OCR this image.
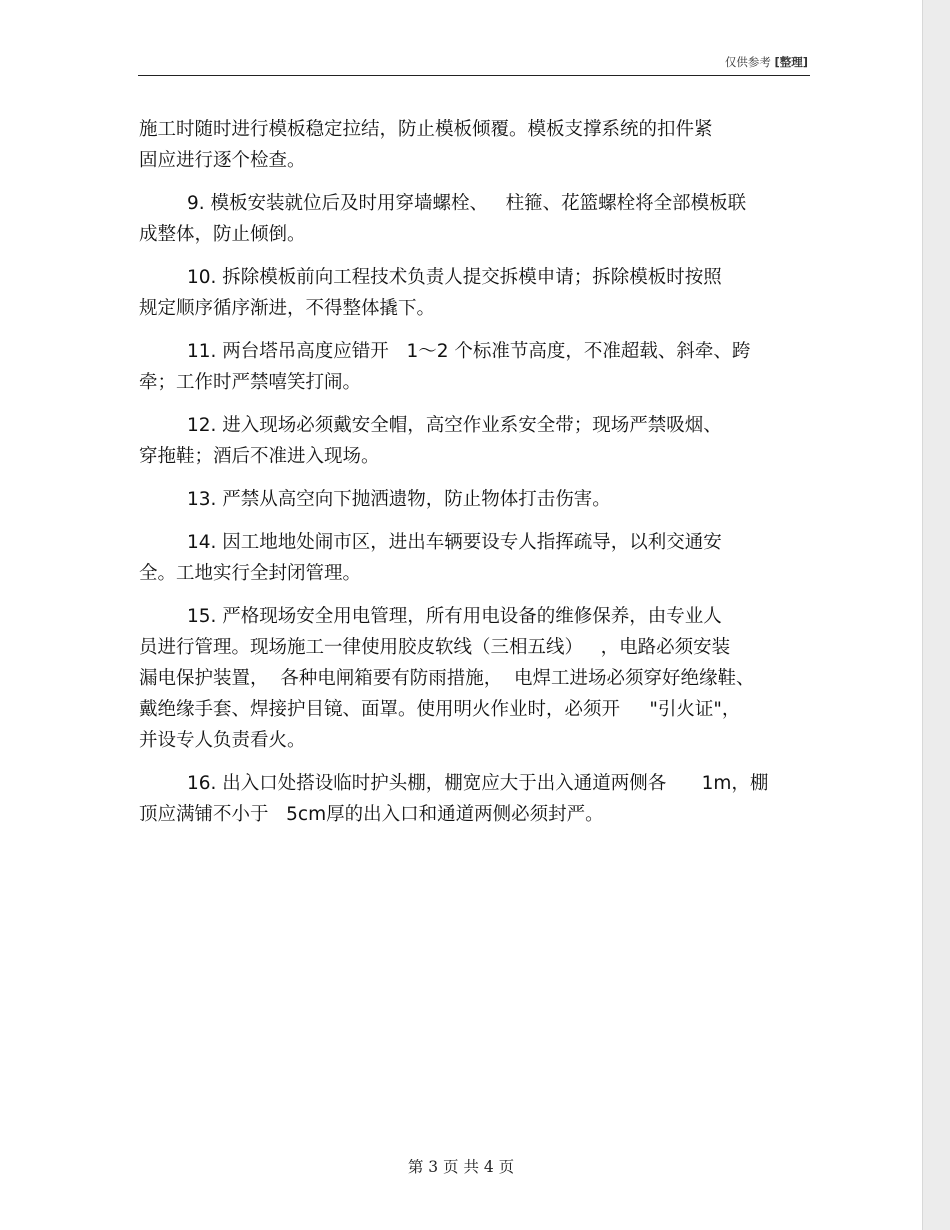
仅供参考 [整理]
施工时随时进行模板稳定拉结，防止模板倾覆。模板支撑系统的扣件紧
固应进行逐个检查。
9. 模板安装就位后及时用穿墙螺栓、   柱箍、花篮螺栓将全部模板联
成整体，防止倾倒。
10. 拆除模板前向工程技术负责人提交拆模申请；拆除模板时按照
规定顺序循序渐进，不得整体撬下。
11. 两台塔吊高度应错开   1～2 个标准节高度，不准超载、斜牵、跨
牵；工作时严禁嘻笑打闹。
12. 进入现场必须戴安全帽，高空作业系安全带；现场严禁吸烟、
穿拖鞋；酒后不准进入现场。
13. 严禁从高空向下抛洒遗物，防止物体打击伤害。
14. 因工地地处闹市区，进出车辆要设专人指挥疏导，以利交通安
全。工地实行全封闭管理。
15. 严格现场安全用电管理，所有用电设备的维修保养，由专业人
员进行管理。现场施工一律使用胶皮软线（三相五线）   ，电路必须安装
漏电保护装置，  各种电闸箱要有防雨措施，  电焊工进场必须穿好绝缘鞋、
戴绝缘手套、焊接护目镜、面罩。使用明火作业时，必须开     "引火证"，
并设专人负责看火。
16. 出入口处搭设临时护头棚，棚宽应大于出入通道两侧各      1m，棚
顶应满铺不小于   5cm厚的出入口和通道两侧必须封严。
第 3 页 共 4 页
